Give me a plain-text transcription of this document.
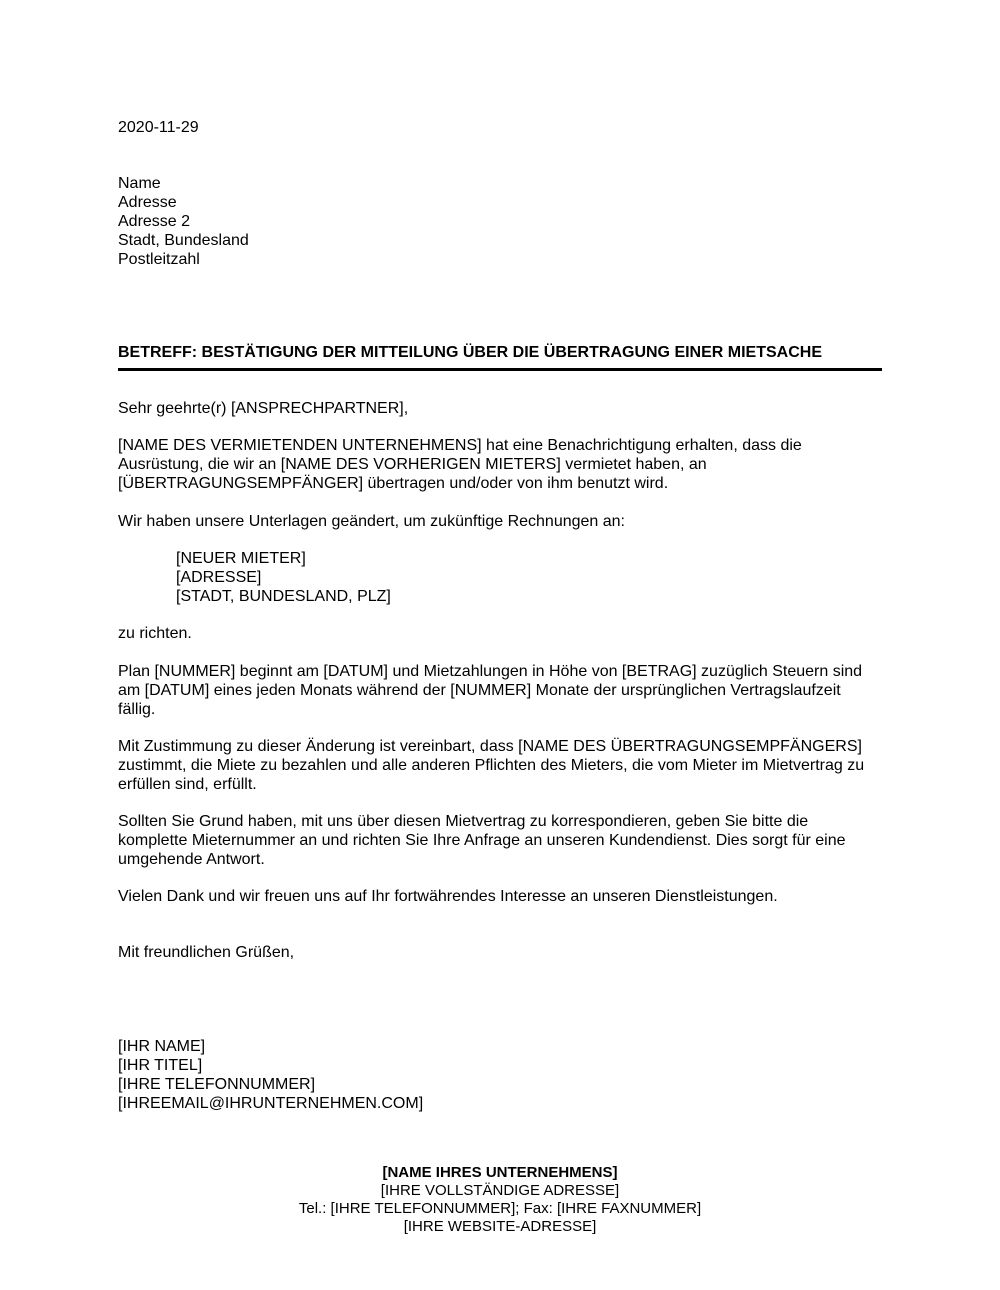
2020-11-29

Name
Adresse
Adresse 2
Stadt, Bundesland
Postleitzahl

BETREFF: BESTÄTIGUNG DER MITTEILUNG ÜBER DIE ÜBERTRAGUNG EINER MIETSACHE

Sehr geehrte(r) [ANSPRECHPARTNER],

[NAME DES VERMIETENDEN UNTERNEHMENS] hat eine Benachrichtigung erhalten, dass die
Ausrüstung, die wir an [NAME DES VORHERIGEN MIETERS] vermietet haben, an
[ÜBERTRAGUNGSEMPFÄNGER] übertragen und/oder von ihm benutzt wird.

Wir haben unsere Unterlagen geändert, um zukünftige Rechnungen an:

[NEUER MIETER]
[ADRESSE]
[STADT, BUNDESLAND, PLZ]

zu richten.

Plan [NUMMER] beginnt am [DATUM] und Mietzahlungen in Höhe von [BETRAG] zuzüglich Steuern sind
am [DATUM] eines jeden Monats während der [NUMMER] Monate der ursprünglichen Vertragslaufzeit
fällig.
Mit Zustimmung zu dieser Änderung ist vereinbart, dass [NAME DES ÜBERTRAGUNGSEMPFÄNGERS]
zustimmt, die Miete zu bezahlen und alle anderen Pflichten des Mieters, die vom Mieter im Mietvertrag zu
erfüllen sind, erfüllt.
Sollten Sie Grund haben, mit uns über diesen Mietvertrag zu korrespondieren, geben Sie bitte die
komplette Mieternummer an und richten Sie Ihre Anfrage an unseren Kundendienst. Dies sorgt für eine
umgehende Antwort.

Vielen Dank und wir freuen uns auf Ihr fortwährendes Interesse an unseren Dienstleistungen.

Mit freundlichen Grüßen,

[IHR NAME]
[IHR TITEL]
[IHRE TELEFONNUMMER]
[IHREEMAIL@IHRUNTERNEHMEN.COM]
[NAME IHRES UNTERNEHMENS]
[IHRE VOLLSTÄNDIGE ADRESSE]
Tel.: [IHRE TELEFONNUMMER]; Fax: [IHRE FAXNUMMER]
[IHRE WEBSITE-ADRESSE]
